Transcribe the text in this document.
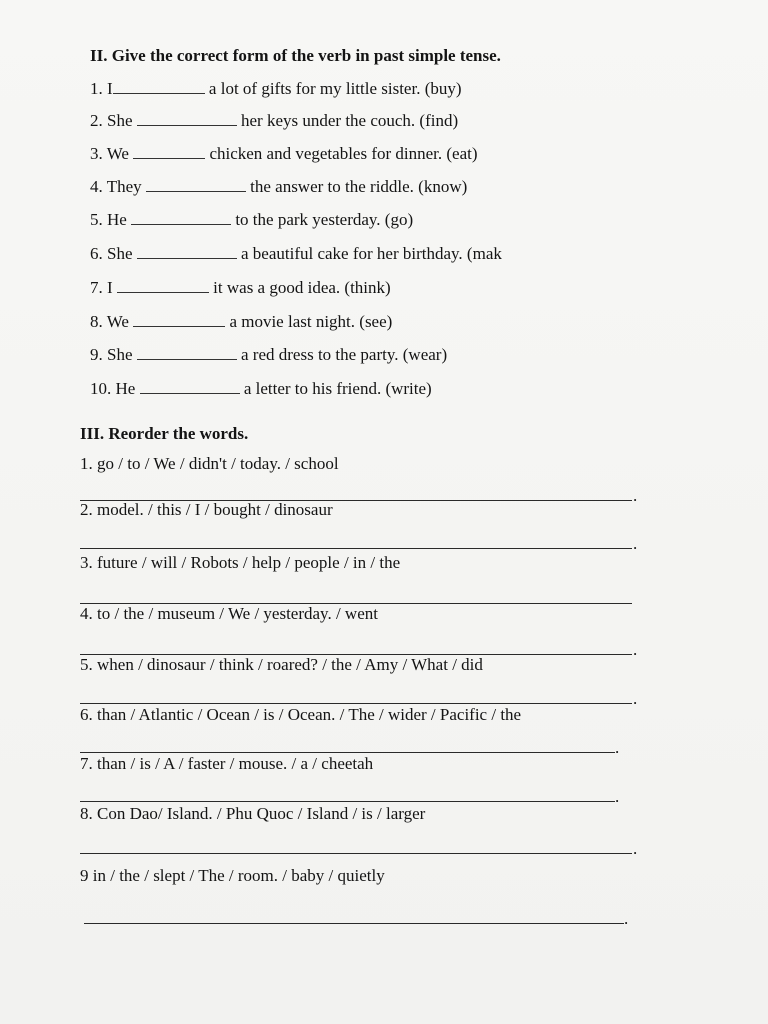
II. Give the correct form of the verb in past simple tense.
1. I	a lot of gifts for my little sister. (buy)
2. She	her keys under the couch. (find)
3. We	chicken and vegetables for dinner. (eat)
4. They	the answer to the riddle. (know)
5. He	to the park yesterday. (go)
6. She	a beautiful cake for her birthday. (mak
7. I	it was a good idea. (think)
8. We	a movie last night. (see)
9. She	a red dress to the party. (wear)
10. He	a letter to his friend. (write)
III. Reorder the words.
1. go / to / We / didn't / today. / school
.
2. model. / this / I / bought / dinosaur
.
3. future / will / Robots / help / people / in / the
4. to / the / museum / We / yesterday. / went
.
5. when / dinosaur / think / roared? / the / Amy / What / did
.
6. than / Atlantic / Ocean / is / Ocean. / The / wider / Pacific / the
.
7. than / is / A / faster / mouse. / a / cheetah
.
8. Con Dao/ Island. / Phu Quoc / Island / is / larger
.
9 in / the / slept / The / room. / baby / quietly
.
